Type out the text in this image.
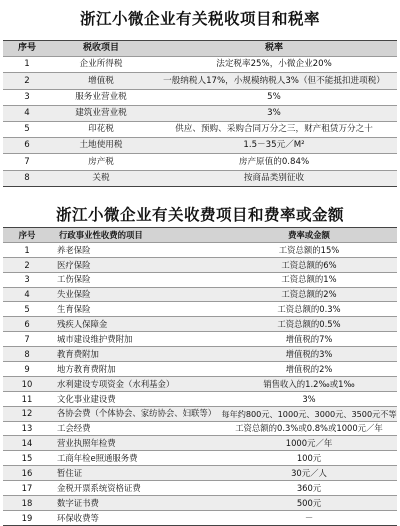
浙江小微企业有关税收项目和税率
序号	税收项目	税率
1	企业所得税	法定税率25%，小微企业20%
2	增值税	一般纳税人17%，小规模纳税人3%（但不能抵扣进项税）
3	服务业营业税	5%
4	建筑业营业税	3%
5	印花税	供应、预购、采购合同万分之三，财产租赁万分之十
6	土地使用税	1.5－35元／M²
7	房产税	房产原值的0.84%
8	关税	按商品类别征收
浙江小微企业有关收费项目和费率或金额
序号	行政事业性收费的项目	费率或金额
1	养老保险	工资总额的15%
2	医疗保险	工资总额的6%
3	工伤保险	工资总额的1%
4	失业保险	工资总额的2%
5	生育保险	工资总额的0.3%
6	残疾人保障金	工资总额的0.5%
7	城市建设维护费附加	增值税的7%
8	教育费附加	增值税的3%
9	地方教育费附加	增值税的2%
10	水利建设专项资金（水利基金）	销售收入的1.2‰或1‰
11	文化事业建设费	3%
12	各协会费（个体协会、家纺协会、妇联等）	每年约800元、1000元、3000元、3500元不等
13	工会经费	工资总额的0.3%或0.8%或1000元／年
14	营业执照年检费	1000元／年
15	工商年检e照通服务费	100元
16	暂住证	30元／人
17	金税开票系统资格证费	360元
18	数字证书费	500元
19	环保收费等	－
